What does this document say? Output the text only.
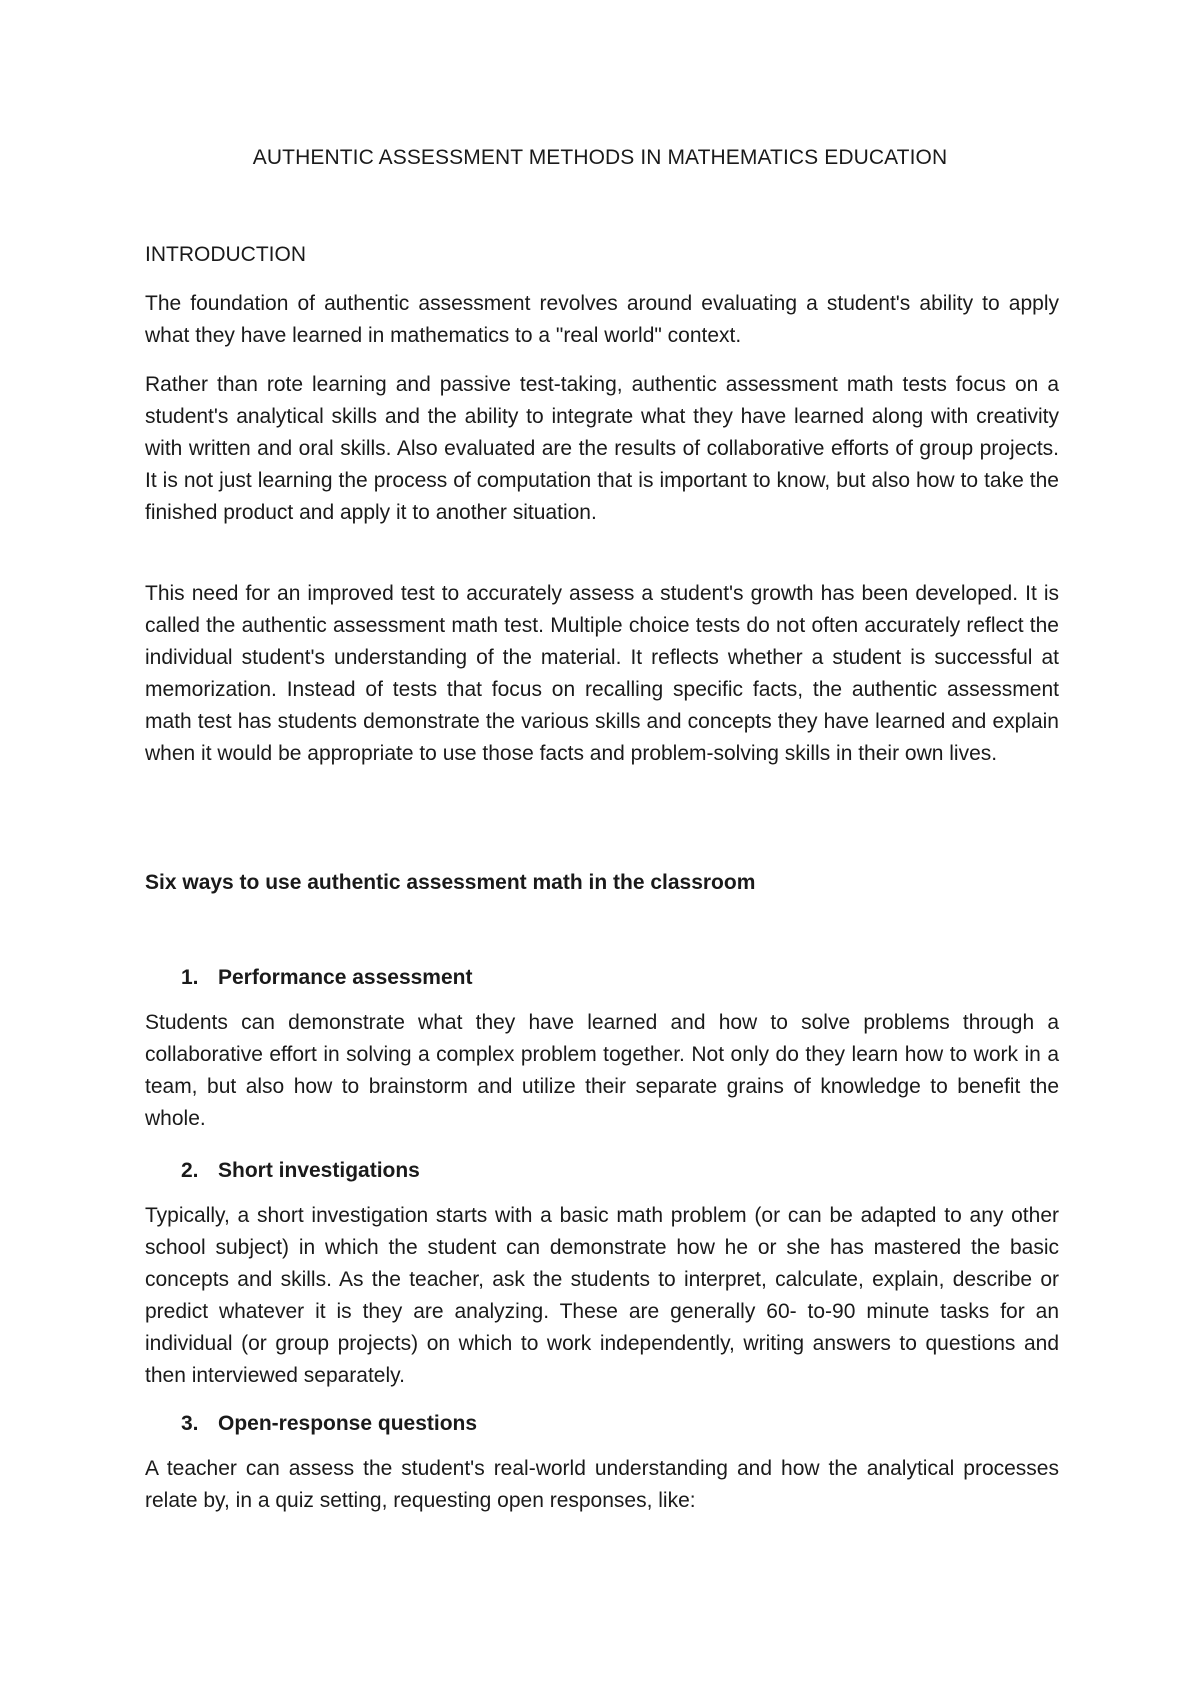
AUTHENTIC ASSESSMENT METHODS IN MATHEMATICS EDUCATION
INTRODUCTION

The foundation of authentic assessment revolves around evaluating a student's ability to apply what they have learned in mathematics to a "real world" context.

Rather than rote learning and passive test-taking, authentic assessment math tests focus on a student's analytical skills and the ability to integrate what they have learned along with creativity with written and oral skills. Also evaluated are the results of collaborative efforts of group projects. It is not just learning the process of computation that is important to know, but also how to take the finished product and apply it to another situation.

This need for an improved test to accurately assess a student's growth has been developed. It is called the authentic assessment math test. Multiple choice tests do not often accurately reflect the individual student's understanding of the material. It reflects whether a student is successful at memorization. Instead of tests that focus on recalling specific facts, the authentic assessment math test has students demonstrate the various skills and concepts they have learned and explain when it would be appropriate to use those facts and problem-solving skills in their own lives.

Six ways to use authentic assessment math in the classroom
1. Performance assessment

Students can demonstrate what they have learned and how to solve problems through a collaborative effort in solving a complex problem together. Not only do they learn how to work in a team, but also how to brainstorm and utilize their separate grains of knowledge to benefit the whole.

2. Short investigations

Typically, a short investigation starts with a basic math problem (or can be adapted to any other school subject) in which the student can demonstrate how he or she has mastered the basic concepts and skills. As the teacher, ask the students to interpret, calculate, explain, describe or predict whatever it is they are analyzing. These are generally 60- to-90 minute tasks for an individual (or group projects) on which to work independently, writing answers to questions and then interviewed separately.

3. Open-response questions

A teacher can assess the student's real-world understanding and how the analytical processes relate by, in a quiz setting, requesting open responses, like:
